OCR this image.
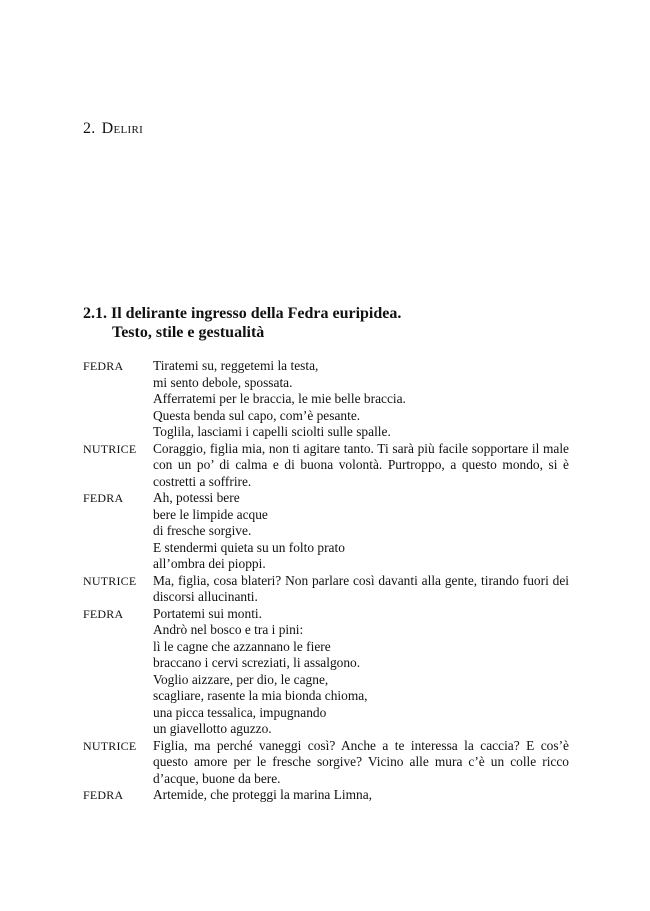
2. Deliri
2.1. Il delirante ingresso della Fedra euripidea.
Testo, stile e gestualità
FEDRA	Tiratemi su, reggetemi la testa,
mi sento debole, spossata.
Afferratemi per le braccia, le mie belle braccia.
Questa benda sul capo, com’è pesante.
Toglila, lasciami i capelli sciolti sulle spalle.
NUTRICE	Coraggio, figlia mia, non ti agitare tanto. Ti sarà più facile sopportare il male con un po’ di calma e di buona volontà. Purtroppo, a questo mondo, si è costretti a soffrire.
FEDRA	Ah, potessi bere
bere le limpide acque
di fresche sorgive.
E stendermi quieta su un folto prato
all’ombra dei pioppi.
NUTRICE	Ma, figlia, cosa blateri? Non parlare così davanti alla gente, tirando fuori dei discorsi allucinanti.
FEDRA	Portatemi sui monti.
Andrò nel bosco e tra i pini:
lì le cagne che azzannano le fiere
braccano i cervi screziati, li assalgono.
Voglio aizzare, per dio, le cagne,
scagliare, rasente la mia bionda chioma,
una picca tessalica, impugnando
un giavellotto aguzzo.
NUTRICE	Figlia, ma perché vaneggi così? Anche a te interessa la caccia? E cos’è questo amore per le fresche sorgive? Vicino alle mura c’è un colle ricco d’acque, buone da bere.
FEDRA	Artemide, che proteggi la marina Limna,
